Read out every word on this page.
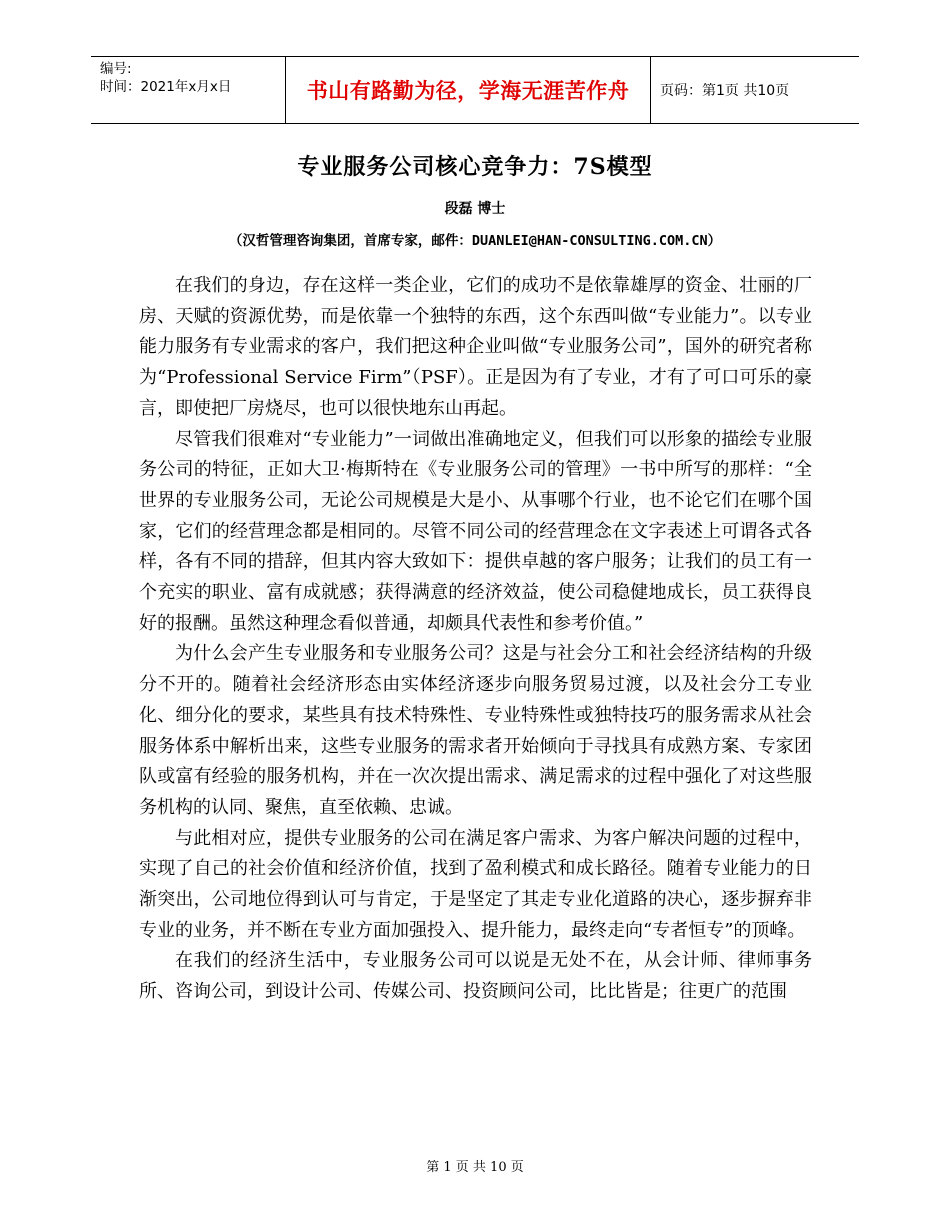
编号:
时间：2021年x月x日	书山有路勤为径，学海无涯苦作舟	页码：第1页 共10页
专业服务公司核心竞争力：7S模型
段磊 博士
（汉哲管理咨询集团，首席专家，邮件：DUANLEI@HAN-CONSULTING.COM.CN）

在我们的身边，存在这样一类企业，它们的成功不是依靠雄厚的资金、壮丽的厂房、天赋的资源优势，而是依靠一个独特的东西，这个东西叫做“专业能力”。以专业能力服务有专业需求的客户，我们把这种企业叫做“专业服务公司”，国外的研究者称为“Professional Service Firm”（PSF）。正是因为有了专业，才有了可口可乐的豪言，即使把厂房烧尽，也可以很快地东山再起。

尽管我们很难对“专业能力”一词做出准确地定义，但我们可以形象的描绘专业服务公司的特征，正如大卫·梅斯特在《专业服务公司的管理》一书中所写的那样：“全世界的专业服务公司，无论公司规模是大是小、从事哪个行业，也不论它们在哪个国家，它们的经营理念都是相同的。尽管不同公司的经营理念在文字表述上可谓各式各样，各有不同的措辞，但其内容大致如下：提供卓越的客户服务；让我们的员工有一个充实的职业、富有成就感；获得满意的经济效益，使公司稳健地成长，员工获得良好的报酬。虽然这种理念看似普通，却颇具代表性和参考价值。”

为什么会产生专业服务和专业服务公司？这是与社会分工和社会经济结构的升级分不开的。随着社会经济形态由实体经济逐步向服务贸易过渡，以及社会分工专业化、细分化的要求，某些具有技术特殊性、专业特殊性或独特技巧的服务需求从社会服务体系中解析出来，这些专业服务的需求者开始倾向于寻找具有成熟方案、专家团队或富有经验的服务机构，并在一次次提出需求、满足需求的过程中强化了对这些服务机构的认同、聚焦，直至依赖、忠诚。

与此相对应，提供专业服务的公司在满足客户需求、为客户解决问题的过程中，实现了自己的社会价值和经济价值，找到了盈利模式和成长路径。随着专业能力的日渐突出，公司地位得到认可与肯定，于是坚定了其走专业化道路的决心，逐步摒弃非专业的业务，并不断在专业方面加强投入、提升能力，最终走向“专者恒专”的顶峰。

在我们的经济生活中，专业服务公司可以说是无处不在，从会计师、律师事务所、咨询公司，到设计公司、传媒公司、投资顾问公司，比比皆是；往更广的范围

第 1 页 共 10 页
